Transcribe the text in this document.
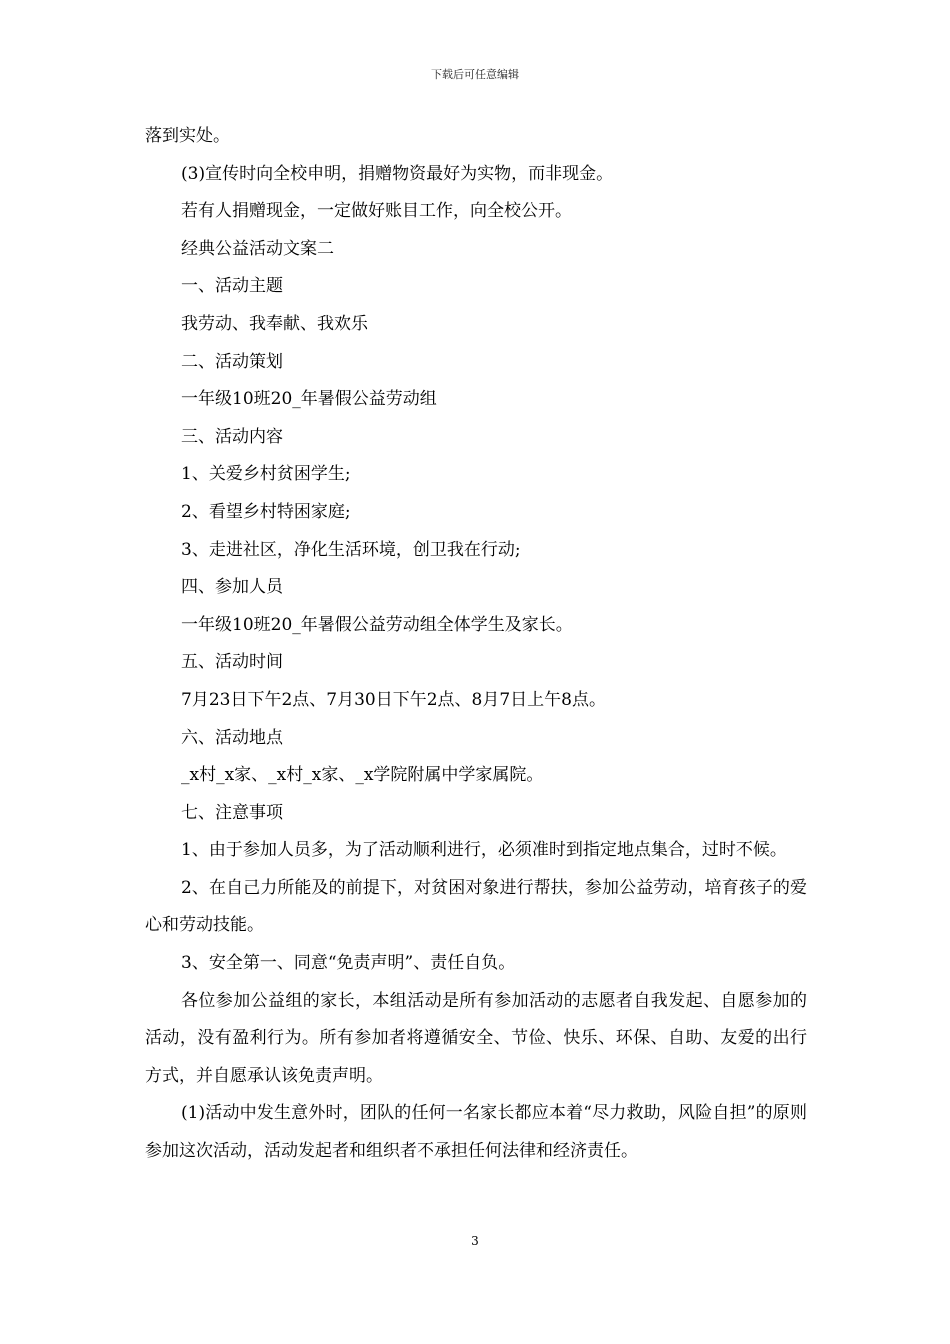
下载后可任意编辑

落到实处。

(3)宣传时向全校申明，捐赠物资最好为实物，而非现金。

若有人捐赠现金，一定做好账目工作，向全校公开。

经典公益活动文案二

一、活动主题

我劳动、我奉献、我欢乐

二、活动策划

一年级10班20_年暑假公益劳动组

三、活动内容

1、关爱乡村贫困学生;

2、看望乡村特困家庭;

3、走进社区，净化生活环境，创卫我在行动;

四、参加人员

一年级10班20_年暑假公益劳动组全体学生及家长。

五、活动时间

7月23日下午2点、7月30日下午2点、8月7日上午8点。

六、活动地点

_x村_x家、_x村_x家、_x学院附属中学家属院。

七、注意事项

1、由于参加人员多，为了活动顺利进行，必须准时到指定地点集合，过时不候。

2、在自己力所能及的前提下，对贫困对象进行帮扶，参加公益劳动，培育孩子的爱心和劳动技能。

3、安全第一、同意“免责声明”、责任自负。

各位参加公益组的家长，本组活动是所有参加活动的志愿者自我发起、自愿参加的活动，没有盈利行为。所有参加者将遵循安全、节俭、快乐、环保、自助、友爱的出行方式，并自愿承认该免责声明。

(1)活动中发生意外时，团队的任何一名家长都应本着“尽力救助，风险自担”的原则参加这次活动，活动发起者和组织者不承担任何法律和经济责任。

3
